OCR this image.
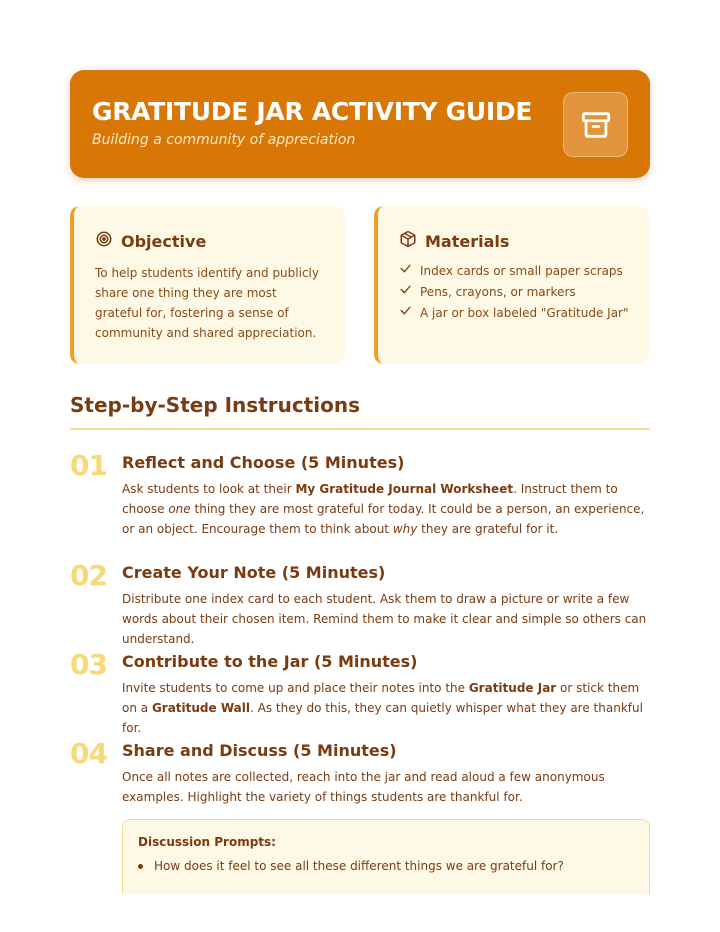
GRATITUDE JAR ACTIVITY GUIDE
Building a community of appreciation
Objective
To help students identify and publicly share one thing they are most grateful for, fostering a sense of community and shared appreciation.
Materials
Index cards or small paper scraps
Pens, crayons, or markers
A jar or box labeled "Gratitude Jar"
Step-by-Step Instructions
01 Reflect and Choose (5 Minutes)
Ask students to look at their My Gratitude Journal Worksheet. Instruct them to choose one thing they are most grateful for today. It could be a person, an experience, or an object. Encourage them to think about why they are grateful for it.
02 Create Your Note (5 Minutes)
Distribute one index card to each student. Ask them to draw a picture or write a few words about their chosen item. Remind them to make it clear and simple so others can understand.
03 Contribute to the Jar (5 Minutes)
Invite students to come up and place their notes into the Gratitude Jar or stick them on a Gratitude Wall. As they do this, they can quietly whisper what they are thankful for.
04 Share and Discuss (5 Minutes)
Once all notes are collected, reach into the jar and read aloud a few anonymous examples. Highlight the variety of things students are thankful for.
Discussion Prompts:
How does it feel to see all these different things we are grateful for?
